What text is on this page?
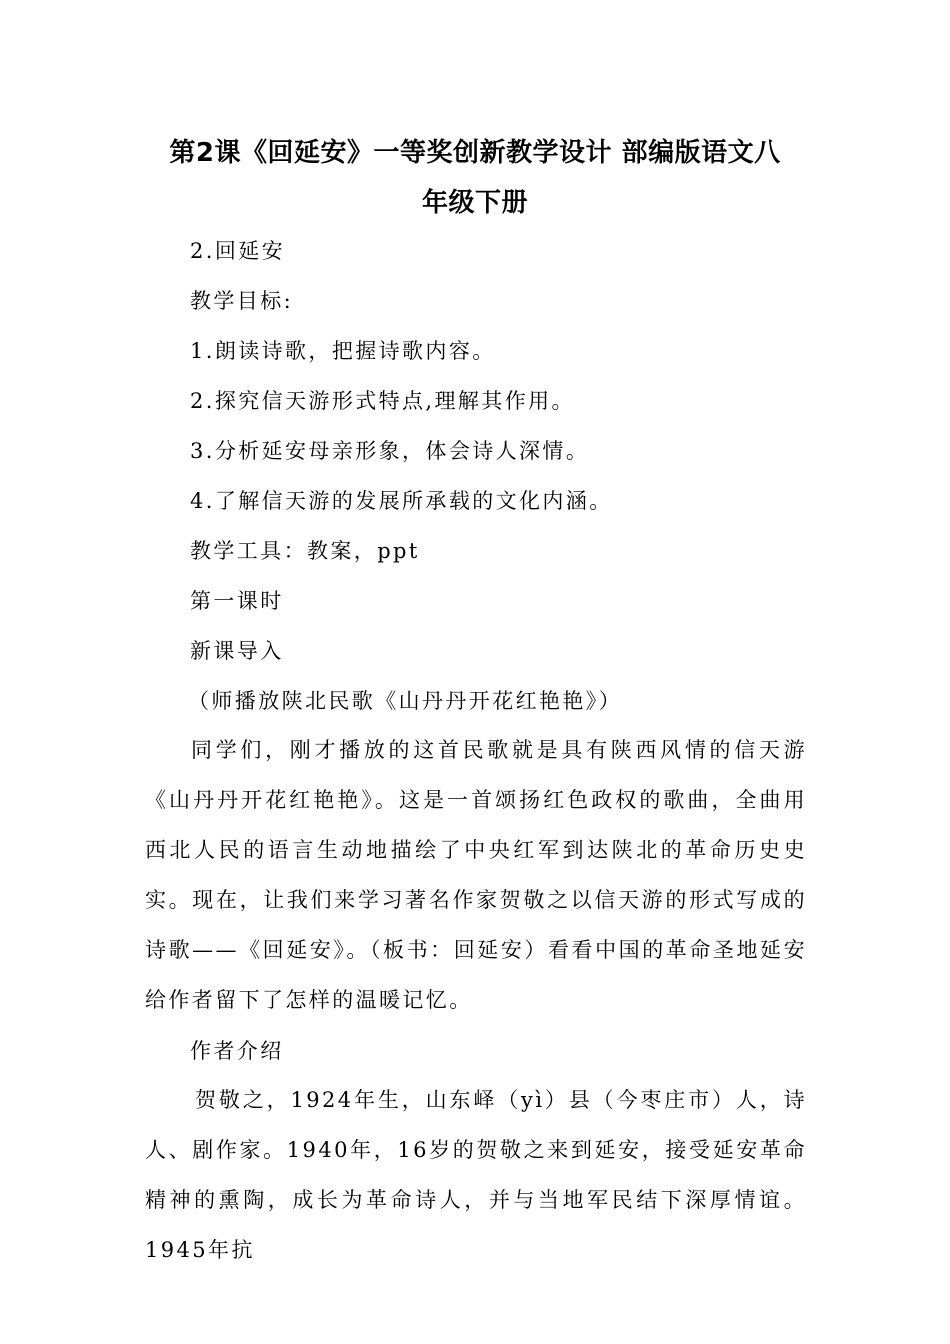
第2课《回延安》一等奖创新教学设计 部编版语文八
年级下册
2.回延安
教学目标:
1.朗读诗歌，把握诗歌内容。
2.探究信天游形式特点,理解其作用。
3.分析延安母亲形象，体会诗人深情。
4.了解信天游的发展所承载的文化内涵。
教学工具：教案，ppt
第一课时
新课导入
（师播放陕北民歌《山丹丹开花红艳艳》）

同学们，刚才播放的这首民歌就是具有陕西风情的信天游《山丹丹开花红艳艳》。这是一首颂扬红色政权的歌曲，全曲用西北人民的语言生动地描绘了中央红军到达陕北的革命历史史实。现在，让我们来学习著名作家贺敬之以信天游的形式写成的诗歌——《回延安》。（板书：回延安）看看中国的革命圣地延安给作者留下了怎样的温暖记忆。

作者介绍

贺敬之，1924年生，山东峄（yì）县（今枣庄市）人，诗人、剧作家。1940年，16岁的贺敬之来到延安，接受延安革命精神的熏陶，成长为革命诗人，并与当地军民结下深厚情谊。1945年抗
